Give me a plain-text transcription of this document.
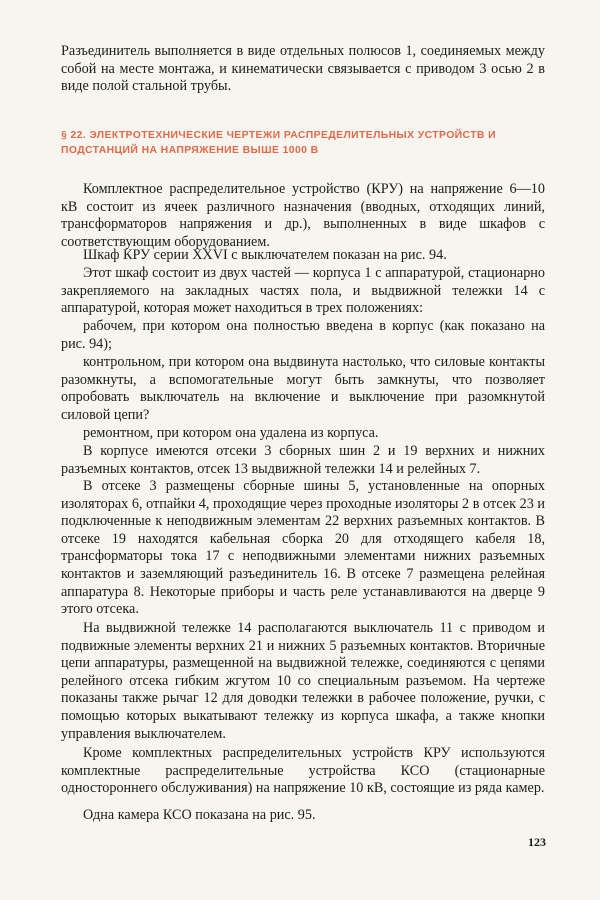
Разъединитель выполняется в виде отдельных полюсов 1, соединяемых между собой на месте монтажа, и кинематически связывается с приводом 3 осью 2 в виде полой стальной трубы.

§ 22. ЭЛЕКТРОТЕХНИЧЕСКИЕ ЧЕРТЕЖИ РАСПРЕДЕЛИТЕЛЬНЫХ УСТРОЙСТВ И ПОДСТАНЦИЙ НА НАПРЯЖЕНИЕ ВЫШЕ 1000 В

Комплектное распределительное устройство (КРУ) на напряжение 6—10 кВ состоит из ячеек различного назначения (вводных, отходящих линий, трансформаторов напряжения и др.), выполненных в виде шкафов с соответствующим оборудованием.

Шкаф КРУ серии XXVI с выключателем показан на рис. 94.

Этот шкаф состоит из двух частей — корпуса 1 с аппаратурой, стационарно закрепляемого на закладных частях пола, и выдвижной тележки 14 с аппаратурой, которая может находиться в трех положениях:

рабочем, при котором она полностью введена в корпус (как показано на рис. 94);

контрольном, при котором она выдвинута настолько, что силовые контакты разомкнуты, а вспомогательные могут быть замкнуты, что позволяет опробовать выключатель на включение и выключение при разомкнутой силовой цепи?

ремонтном, при котором она удалена из корпуса.

В корпусе имеются отсеки 3 сборных шин 2 и 19 верхних и нижних разъемных контактов, отсек 13 выдвижной тележки 14 и релейных 7.

В отсеке 3 размещены сборные шины 5, установленные на опорных изоляторах 6, отпайки 4, проходящие через проходные изоляторы 2 в отсек 23 и подключенные к неподвижным элементам 22 верхних разъемных контактов. В отсеке 19 находятся кабельная сборка 20 для отходящего кабеля 18, трансформаторы тока 17 с неподвижными элементами нижних разъемных контактов и заземляющий разъединитель 16. В отсеке 7 размещена релейная аппаратура 8. Некоторые приборы и часть реле устанавливаются на дверце 9 этого отсека.

На выдвижной тележке 14 располагаются выключатель 11 с приводом и подвижные элементы верхних 21 и нижних 5 разъемных контактов. Вторичные цепи аппаратуры, размещенной на выдвижной тележке, соединяются с цепями релейного отсека гибким жгутом 10 со специальным разъемом. На чертеже показаны также рычаг 12 для доводки тележки в рабочее положение, ручки, с помощью которых выкатывают тележку из корпуса шкафа, а также кнопки управления выключателем.

Кроме комплектных распределительных устройств КРУ используются комплектные распределительные устройства КСО (стационарные одностороннего обслуживания) на напряжение 10 кВ, состоящие из ряда камер.

Одна камера КСО показана на рис. 95.

123
